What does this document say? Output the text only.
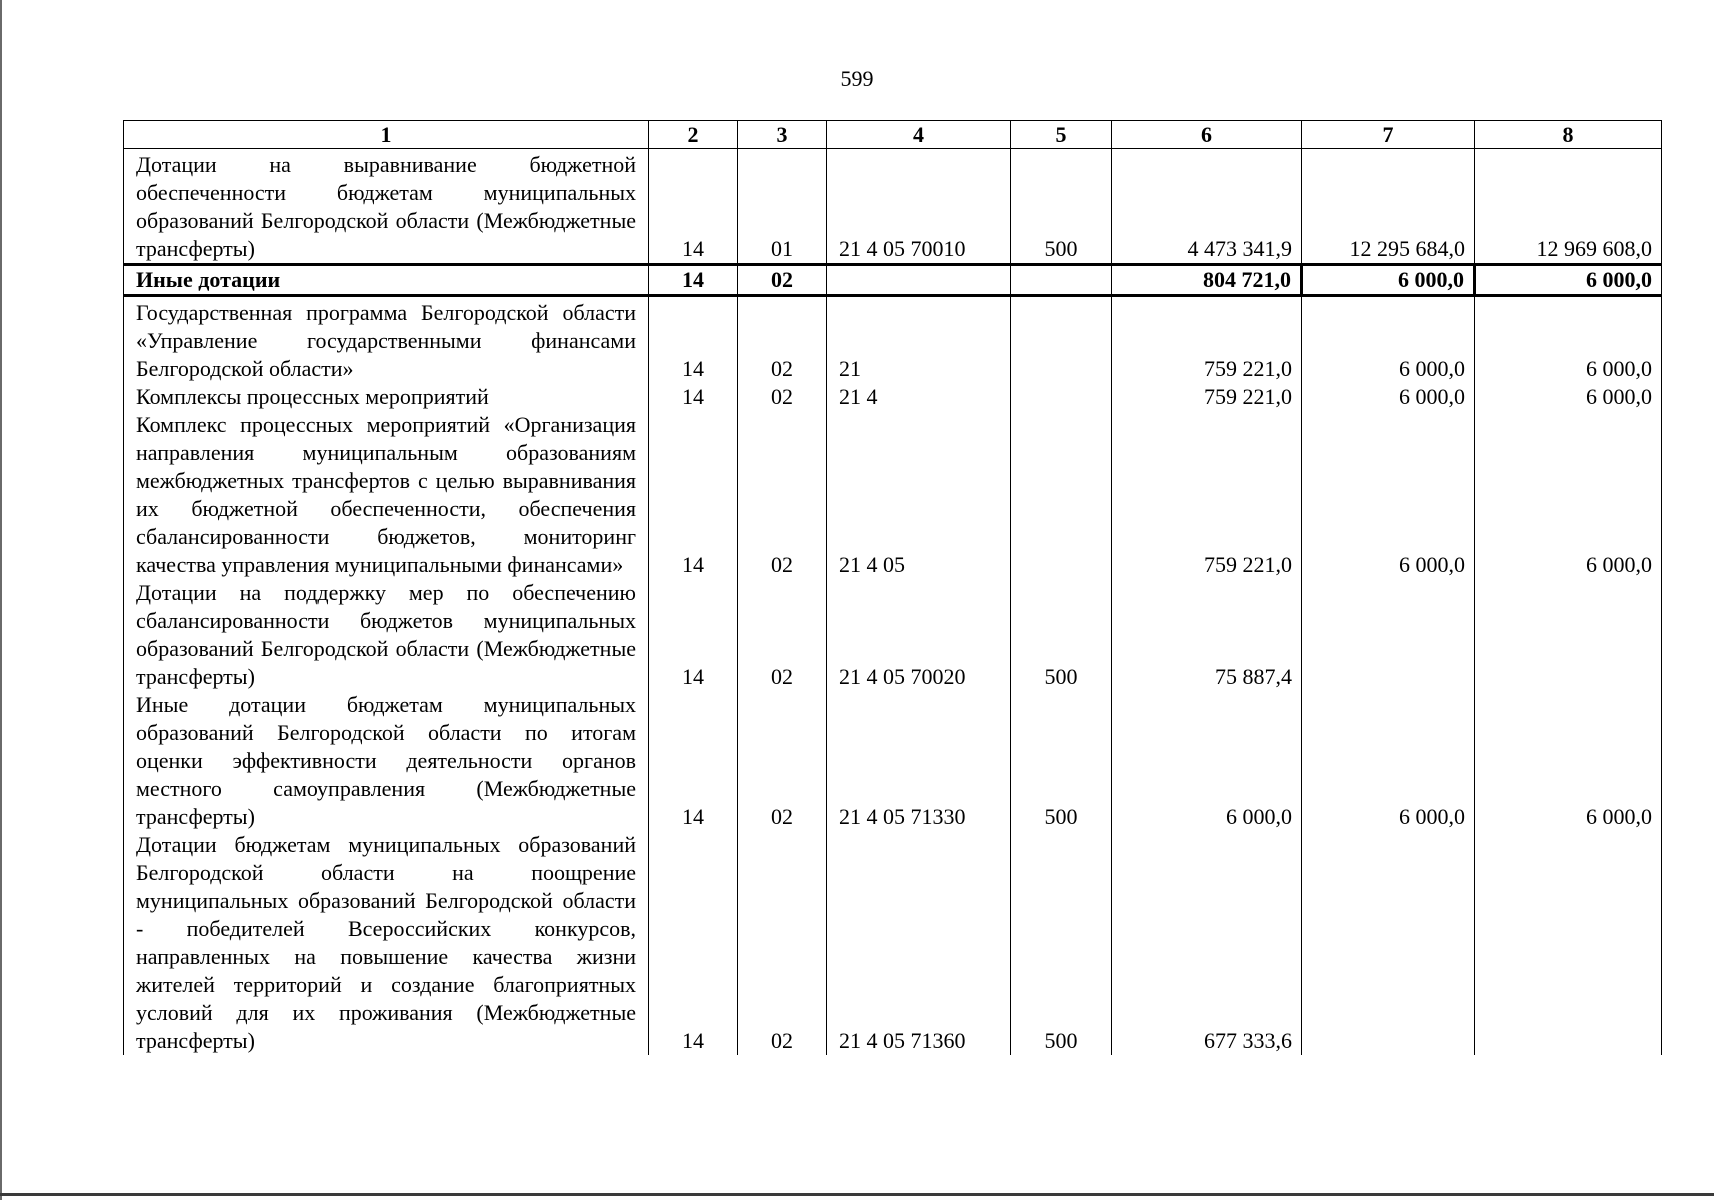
599
1	2	3	4	5	6	7	8
Дотации на выравнивание бюджетной обеспеченности бюджетам муниципальных образований Белгородской области (Межбюджетные трансферты)	14	01	21 4 05 70010	500	4 473 341,9	12 295 684,0	12 969 608,0
Иные дотации	14	02			804 721,0	6 000,0	6 000,0
Государственная программа Белгородской области «Управление государственными финансами Белгородской области»	14	02	21		759 221,0	6 000,0	6 000,0
Комплексы процессных мероприятий	14	02	21 4		759 221,0	6 000,0	6 000,0
Комплекс процессных мероприятий «Организация направления муниципальным образованиям межбюджетных трансфертов с целью выравнивания их бюджетной обеспеченности, обеспечения сбалансированности бюджетов, мониторинг качества управления муниципальными финансами»	14	02	21 4 05		759 221,0	6 000,0	6 000,0
Дотации на поддержку мер по обеспечению сбалансированности бюджетов муниципальных образований Белгородской области (Межбюджетные трансферты)	14	02	21 4 05 70020	500	75 887,4		
Иные дотации бюджетам муниципальных образований Белгородской области по итогам оценки эффективности деятельности органов местного самоуправления (Межбюджетные трансферты)	14	02	21 4 05 71330	500	6 000,0	6 000,0	6 000,0
Дотации бюджетам муниципальных образований Белгородской области на поощрение муниципальных образований Белгородской области - победителей Всероссийских конкурсов, направленных на повышение качества жизни жителей территорий и создание благоприятных условий для их проживания (Межбюджетные трансферты)	14	02	21 4 05 71360	500	677 333,6		
